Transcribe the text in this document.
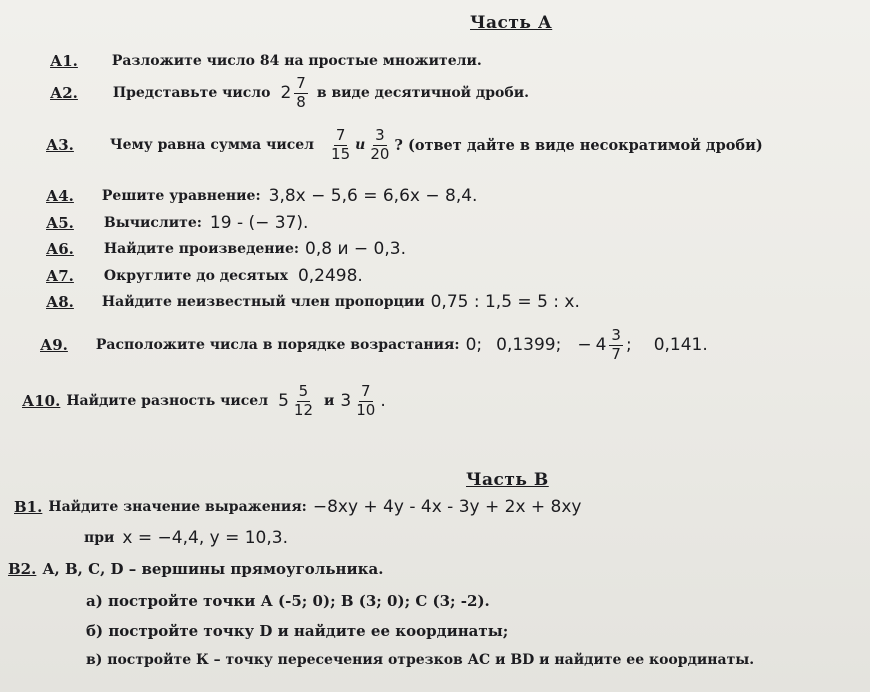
Часть А
А1. Разложите число 84 на простые множители.
А2.	Представьте число $2 \frac{7}{8}$ в виде десятичной дроби.
А3.	Чему равна сумма чисел $\frac{7}{15}$ и $\frac{3}{20}$ ? (ответ дайте в виде несократимой дроби)
А4. Решите уравнение: 3,8x − 5,6 = 6,6x − 8,4.
А5. Вычислите: 19 - (− 37).
А6. Найдите произведение: 0,8 и − 0,3.
А7. Округлите до десятых 0,2498.
А8. Найдите неизвестный член пропорции 0,75 : 1,5 = 5 : x.
А9. Расположите числа в порядке возрастания: 0; 0,1399; − $4 \frac{3}{7}$ ; 0,141.
А10. Найдите разность чисел $5 \frac{5}{12}$ и $3 \frac{7}{10}$ .
Часть В
В1. Найдите значение выражения: −8xy + 4y - 4x - 3y + 2x + 8xy
при x = −4,4, y = 10,3.
В2. А, В, С, D – вершины прямоугольника.
а) постройте точки А (-5; 0); В (3; 0); С (3; -2).
б) постройте точку D и найдите ее координаты;
в) постройте К – точку пересечения отрезков АС и ВD и найдите ее координаты.
